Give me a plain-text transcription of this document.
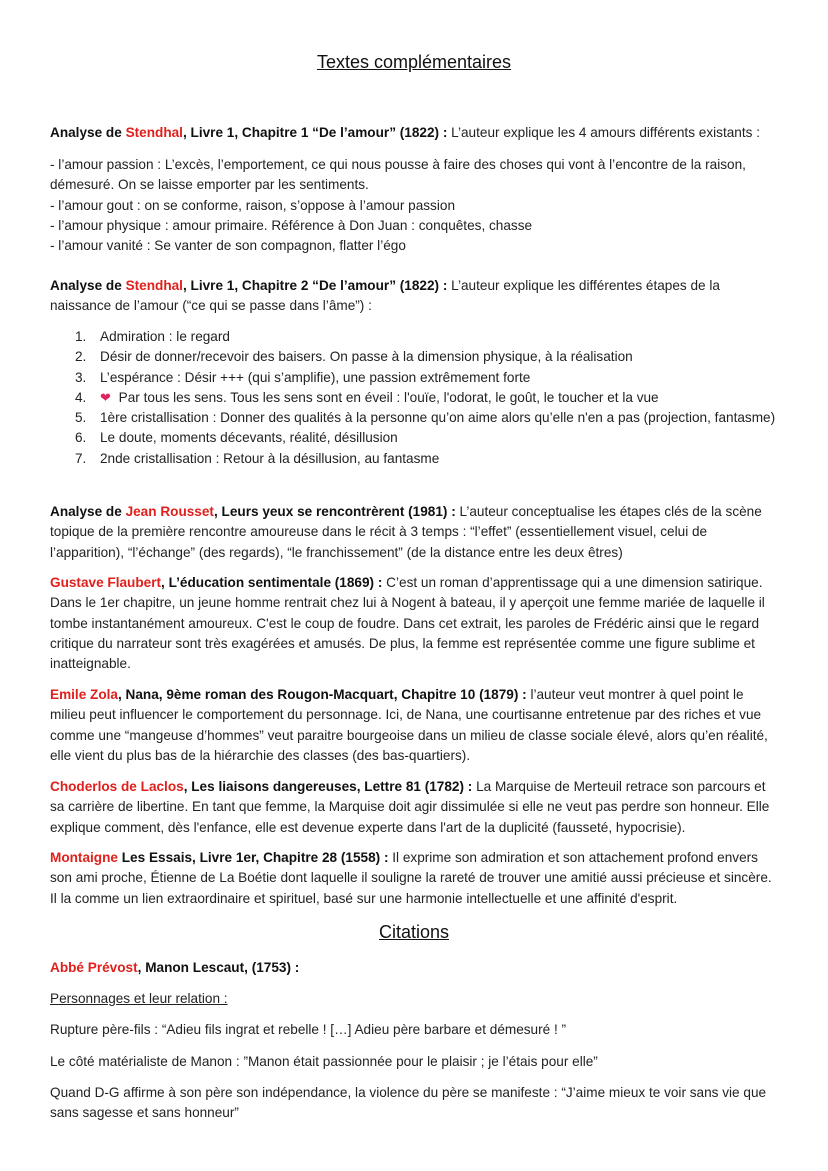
Textes complémentaires
Analyse de Stendhal, Livre 1, Chapitre 1 “De l’amour” (1822) : L’auteur explique les 4 amours différents existants :
- l’amour passion : L’excès, l’emportement, ce qui nous pousse à faire des choses qui vont à l’encontre de la raison, démesuré. On se laisse emporter par les sentiments.
- l’amour gout : on se conforme, raison, s’oppose à l’amour passion
- l’amour physique : amour primaire. Référence à Don Juan : conquêtes, chasse
- l’amour vanité : Se vanter de son compagnon, flatter l’égo
Analyse de Stendhal, Livre 1, Chapitre 2 “De l’amour” (1822) : L’auteur explique les différentes étapes de la naissance de l’amour (“ce qui se passe dans l’âme”) :
1. Admiration : le regard
2. Désir de donner/recevoir des baisers. On passe à la dimension physique, à la réalisation
3. L’espérance : Désir +++ (qui s’amplifie), une passion extrêmement forte
4. ❤ Par tous les sens. Tous les sens sont en éveil : l'ouïe, l'odorat, le goût, le toucher et la vue
5. 1ère cristallisation : Donner des qualités à la personne qu’on aime alors qu’elle n'en a pas (projection, fantasme)
6. Le doute, moments décevants, réalité, désillusion
7. 2nde cristallisation : Retour à la désillusion, au fantasme
Analyse de Jean Rousset, Leurs yeux se rencontrèrent (1981) : L’auteur conceptualise les étapes clés de la scène topique de la première rencontre amoureuse dans le récit à 3 temps : “l’effet” (essentiellement visuel, celui de l’apparition), “l’échange” (des regards), “le franchissement” (de la distance entre les deux êtres)
Gustave Flaubert, L’éducation sentimentale (1869) : C’est un roman d’apprentissage qui a une dimension satirique. Dans le 1er chapitre, un jeune homme rentrait chez lui à Nogent à bateau, il y aperçoit une femme mariée de laquelle il tombe instantanément amoureux. C'est le coup de foudre. Dans cet extrait, les paroles de Frédéric ainsi que le regard critique du narrateur sont très exagérées et amusés. De plus, la femme est représentée comme une figure sublime et inatteignable.
Emile Zola, Nana, 9ème roman des Rougon-Macquart, Chapitre 10 (1879) : l’auteur veut montrer à quel point le milieu peut influencer le comportement du personnage. Ici, de Nana, une courtisanne entretenue par des riches et vue comme une “mangeuse d’hommes” veut paraitre bourgeoise dans un milieu de classe sociale élevé, alors qu’en réalité, elle vient du plus bas de la hiérarchie des classes (des bas-quartiers).
Choderlos de Laclos, Les liaisons dangereuses, Lettre 81 (1782) : La Marquise de Merteuil retrace son parcours et sa carrière de libertine. En tant que femme, la Marquise doit agir dissimulée si elle ne veut pas perdre son honneur. Elle explique comment, dès l'enfance, elle est devenue experte dans l'art de la duplicité (fausseté, hypocrisie).
Montaigne Les Essais, Livre 1er, Chapitre 28 (1558) : Il exprime son admiration et son attachement profond envers son ami proche, Étienne de La Boétie dont laquelle il souligne la rareté de trouver une amitié aussi précieuse et sincère. Il la comme un lien extraordinaire et spirituel, basé sur une harmonie intellectuelle et une affinité d'esprit.
Citations
Abbé Prévost, Manon Lescaut, (1753) :
Personnages et leur relation :
Rupture père-fils : “Adieu fils ingrat et rebelle ! […] Adieu père barbare et démesuré ! ”
Le côté matérialiste de Manon : ”Manon était passionnée pour le plaisir ; je l’étais pour elle”
Quand D-G affirme à son père son indépendance, la violence du père se manifeste : “J’aime mieux te voir sans vie que sans sagesse et sans honneur”
